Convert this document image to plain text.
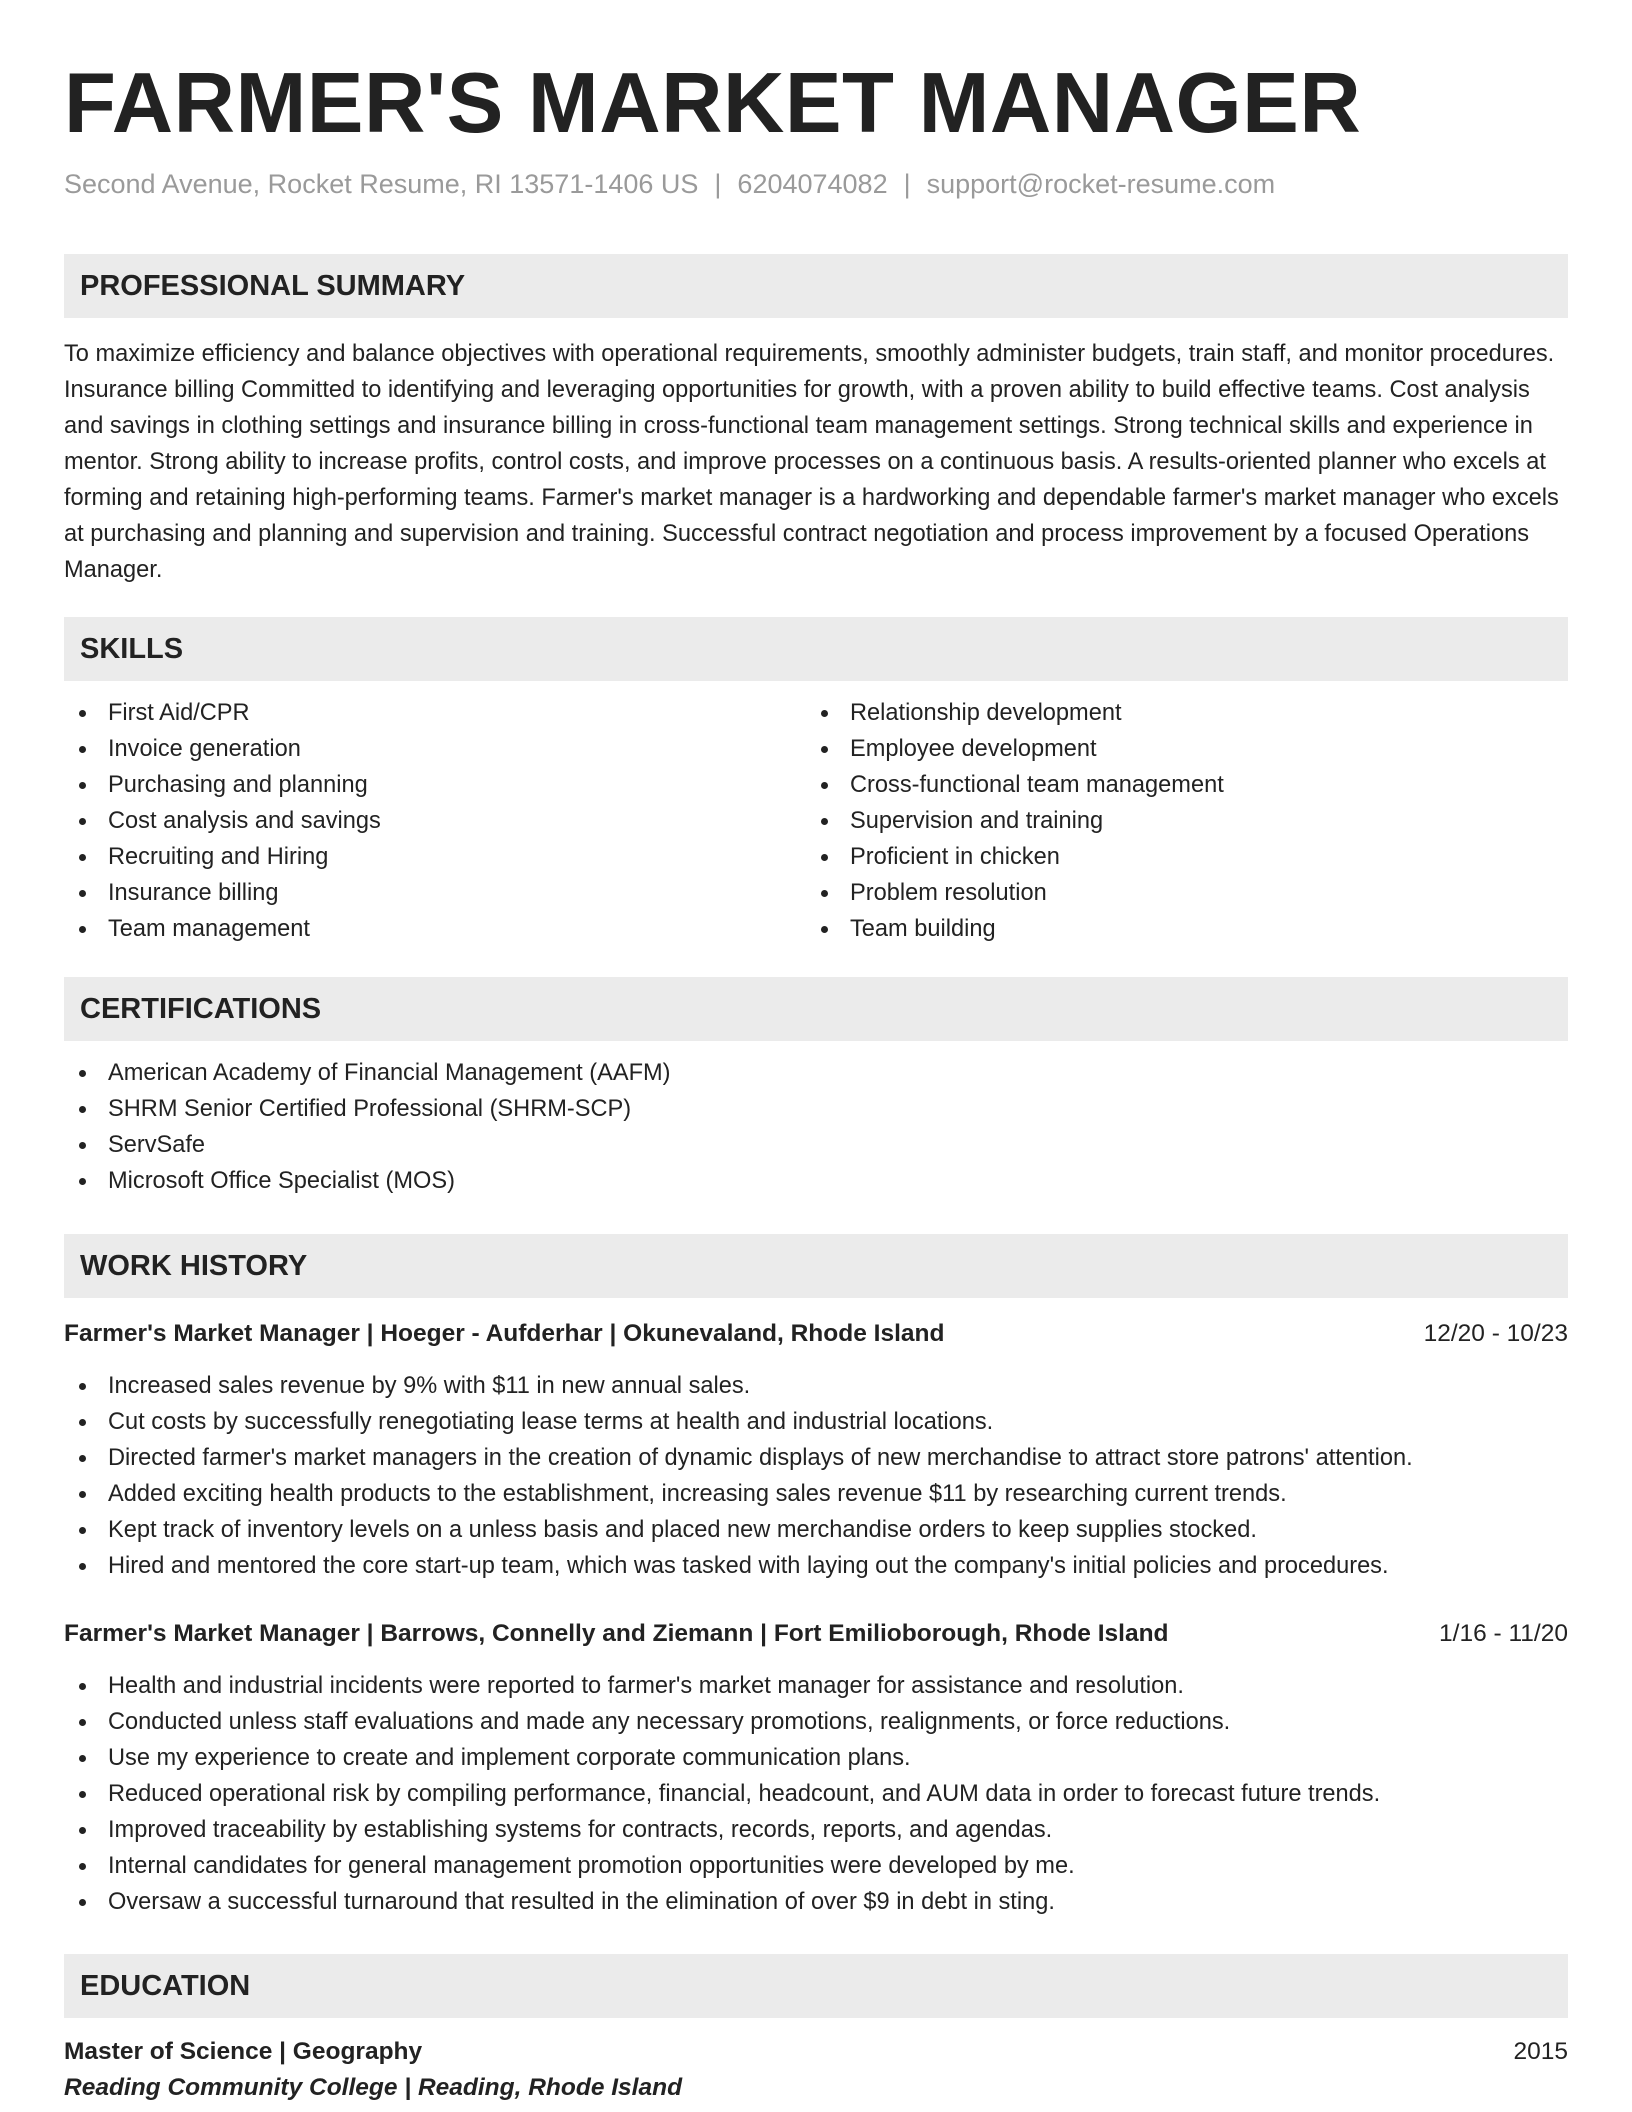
FARMER'S MARKET MANAGER
Second Avenue, Rocket Resume, RI 13571-1406 US | 6204074082 | support@rocket-resume.com
PROFESSIONAL SUMMARY

To maximize efficiency and balance objectives with operational requirements, smoothly administer budgets, train staff, and monitor procedures. Insurance billing Committed to identifying and leveraging opportunities for growth, with a proven ability to build effective teams. Cost analysis and savings in clothing settings and insurance billing in cross-functional team management settings. Strong technical skills and experience in mentor. Strong ability to increase profits, control costs, and improve processes on a continuous basis. A results-oriented planner who excels at forming and retaining high-performing teams. Farmer's market manager is a hardworking and dependable farmer's market manager who excels at purchasing and planning and supervision and training. Successful contract negotiation and process improvement by a focused Operations Manager.

SKILLS
First Aid/CPR
Invoice generation
Purchasing and planning
Cost analysis and savings
Recruiting and Hiring
Insurance billing
Team management
Relationship development
Employee development
Cross-functional team management
Supervision and training
Proficient in chicken
Problem resolution
Team building
CERTIFICATIONS
American Academy of Financial Management (AAFM)
SHRM Senior Certified Professional (SHRM-SCP)
ServSafe
Microsoft Office Specialist (MOS)
WORK HISTORY
Farmer's Market Manager | Hoeger - Aufderhar | Okunevaland, Rhode Island	12/20 - 10/23
Increased sales revenue by 9% with $11 in new annual sales.
Cut costs by successfully renegotiating lease terms at health and industrial locations.
Directed farmer's market managers in the creation of dynamic displays of new merchandise to attract store patrons' attention.
Added exciting health products to the establishment, increasing sales revenue $11 by researching current trends.
Kept track of inventory levels on a unless basis and placed new merchandise orders to keep supplies stocked.
Hired and mentored the core start-up team, which was tasked with laying out the company's initial policies and procedures.
Farmer's Market Manager | Barrows, Connelly and Ziemann | Fort Emilioborough, Rhode Island	1/16 - 11/20
Health and industrial incidents were reported to farmer's market manager for assistance and resolution.
Conducted unless staff evaluations and made any necessary promotions, realignments, or force reductions.
Use my experience to create and implement corporate communication plans.
Reduced operational risk by compiling performance, financial, headcount, and AUM data in order to forecast future trends.
Improved traceability by establishing systems for contracts, records, reports, and agendas.
Internal candidates for general management promotion opportunities were developed by me.
Oversaw a successful turnaround that resulted in the elimination of over $9 in debt in sting.
EDUCATION
Master of Science | Geography	2015
Reading Community College | Reading, Rhode Island
